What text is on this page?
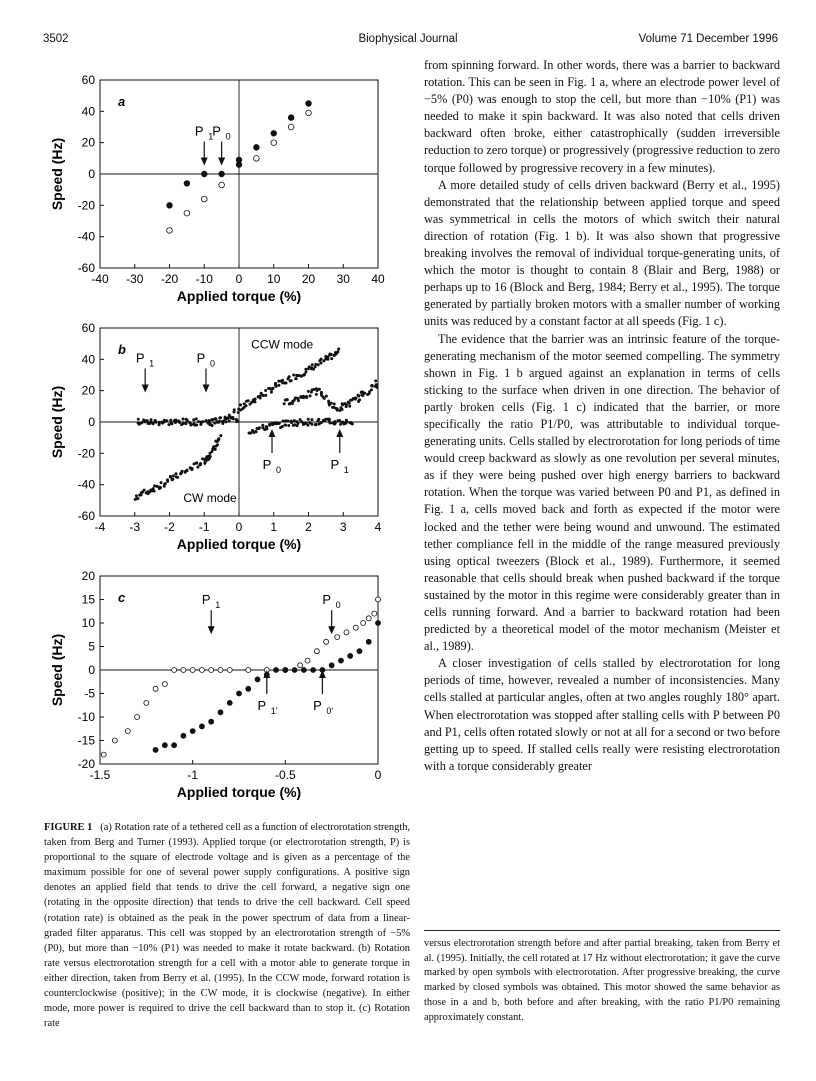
3502	Biophysical Journal	Volume 71 December 1996
-40 -30 -20 -10 0 10 20 30 40
60
40
20
0
-20
-40
-60
Applied torque (%)
Speed (Hz)
a
P 1 P 0
-4 -3 -2 -1 0 1 2 3 4
60
40
20
0
-20
-40
-60
Applied torque (%)
Speed (Hz)
b
P 1	P 0
P 0	P 1
CCW mode
CW mode
-1.5	-1	-0.5	0
20
15
10
5
0
-5
-10
-15
-20
Applied torque (%)
Speed (Hz)
c	P 1	P 0
P 1'	P 0'
FIGURE 1 (a) Rotation rate of a tethered cell as a function of electrorotation strength, taken from Berg and Turner (1993). Applied torque (or electrorotation strength, P) is proportional to the square of electrode voltage and is given as a percentage of the maximum possible for one of several power supply configurations. A positive sign denotes an applied field that tends to drive the cell forward, a negative sign one (rotating in the opposite direction) that tends to drive the cell backward. Cell speed (rotation rate) is obtained as the peak in the power spectrum of data from a linear-graded filter apparatus. This cell was stopped by an electrorotation strength of −5% (P0), but more than −10% (P1) was needed to make it rotate backward. (b) Rotation rate versus electrorotation strength for a cell with a motor able to generate torque in either direction, taken from Berry et al. (1995). In the CCW mode, forward rotation is counterclockwise (positive); in the CW mode, it is clockwise (negative). In either mode, more power is required to drive the cell backward than to stop it. (c) Rotation rate

from spinning forward. In other words, there was a barrier to backward rotation. This can be seen in Fig. 1 a, where an electrode power level of −5% (P0) was enough to stop the cell, but more than −10% (P1) was needed to make it spin backward. It was also noted that cells driven backward often broke, either catastrophically (sudden irreversible reduction to zero torque) or progressively (progressive reduction to zero torque followed by progressive recovery in a few minutes).

A more detailed study of cells driven backward (Berry et al., 1995) demonstrated that the relationship between applied torque and speed was symmetrical in cells the motors of which switch their natural direction of rotation (Fig. 1 b). It was also shown that progressive breaking involves the removal of individual torque-generating units, of which the motor is thought to contain 8 (Blair and Berg, 1988) or perhaps up to 16 (Block and Berg, 1984; Berry et al., 1995). The torque generated by partially broken motors with a smaller number of working units was reduced by a constant factor at all speeds (Fig. 1 c).

The evidence that the barrier was an intrinsic feature of the torque-generating mechanism of the motor seemed compelling. The symmetry shown in Fig. 1 b argued against an explanation in terms of cells sticking to the surface when driven in one direction. The behavior of partly broken cells (Fig. 1 c) indicated that the barrier, or more specifically the ratio P1/P0, was attributable to individual torque-generating units. Cells stalled by electrorotation for long periods of time would creep backward as slowly as one revolution per several minutes, as if they were being pushed over high energy barriers to backward rotation. When the torque was varied between P0 and P1, as defined in Fig. 1 a, cells moved back and forth as expected if the motor were locked and the tether were being wound and unwound. The estimated tether compliance fell in the middle of the range measured previously using optical tweezers (Block et al., 1989). Furthermore, it seemed reasonable that cells should break when pushed backward if the torque sustained by the motor in this regime were considerably greater than in cells running forward. And a barrier to backward rotation had been predicted by a theoretical model of the motor mechanism (Meister et al., 1989).

A closer investigation of cells stalled by electrorotation for long periods of time, however, revealed a number of inconsistencies. Many cells stalled at particular angles, often at two angles roughly 180° apart. When electrorotation was stopped after stalling cells with P between P0 and P1, cells often rotated slowly or not at all for a second or two before getting up to speed. If stalled cells really were resisting electrorotation with a torque considerably greater

versus electrorotation strength before and after partial breaking, taken from Berry et al. (1995). Initially, the cell rotated at 17 Hz without electrorotation; it gave the curve marked by open symbols with electrorotation. After progressive breaking, the curve marked by closed symbols was obtained. This motor showed the same behavior as those in a and b, both before and after breaking, with the ratio P1/P0 remaining approximately constant.
